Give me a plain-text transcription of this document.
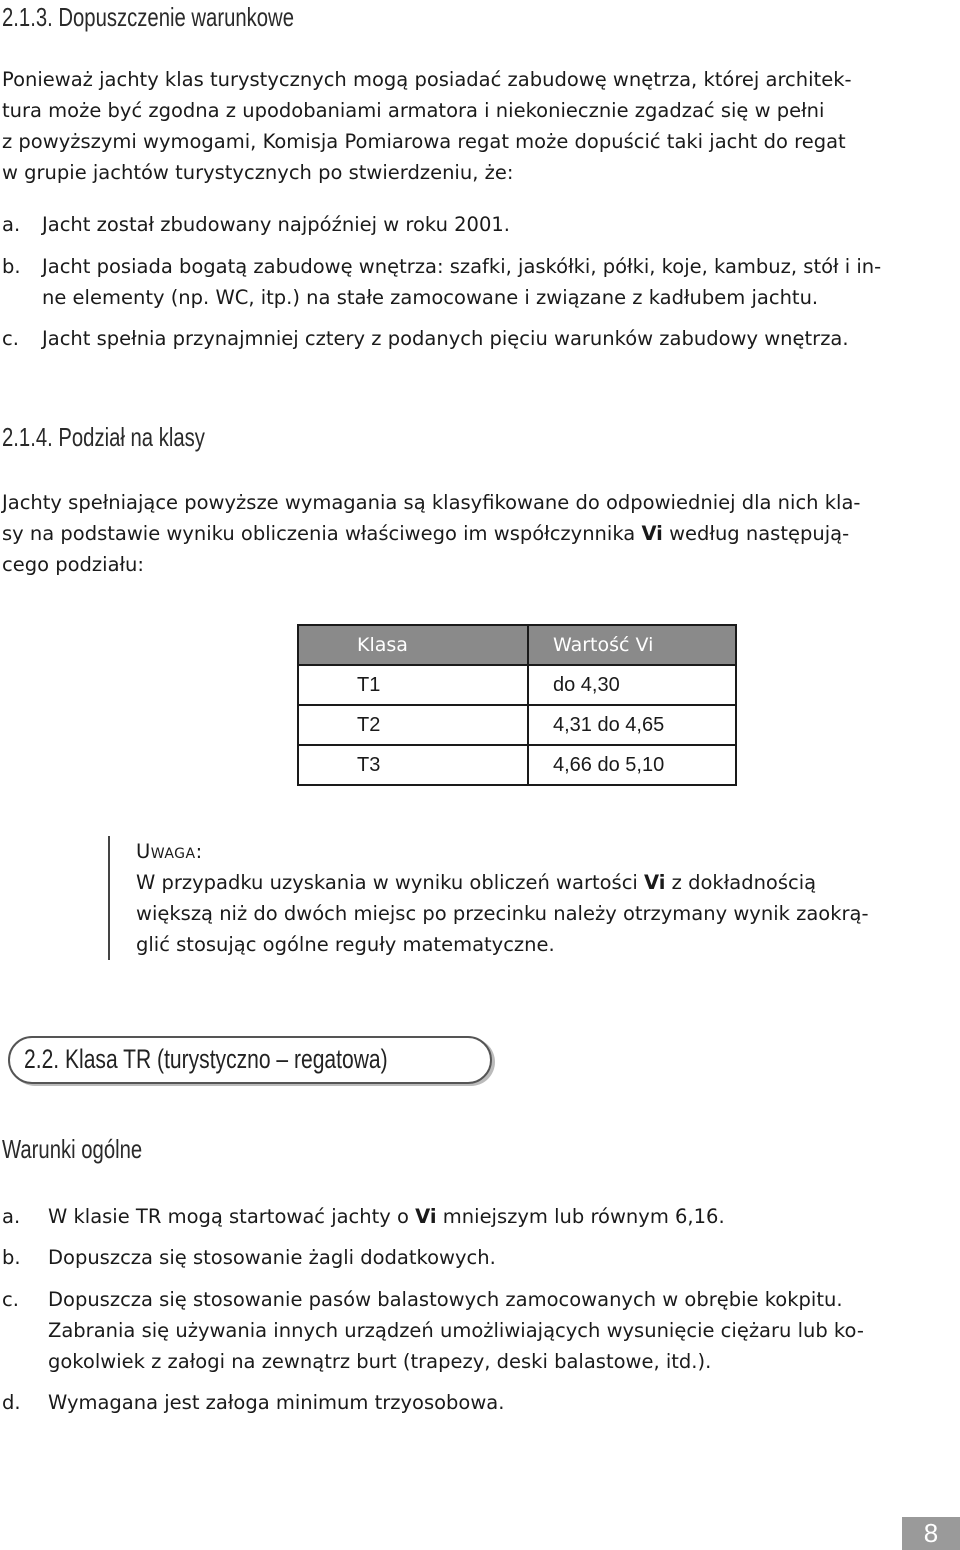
2.1.3. Dopuszczenie warunkowe
Ponieważ jachty klas turystycznych mogą posiadać zabudowę wnętrza, której architek-
tura może być zgodna z upodobaniami armatora i niekoniecznie zgadzać się w pełni
z powyższymi wymogami, Komisja Pomiarowa regat może dopuścić taki jacht do regat
w grupie jachtów turystycznych po stwierdzeniu, że:
a. Jacht został zbudowany najpóźniej w roku 2001.
b. Jacht posiada bogatą zabudowę wnętrza: szafki, jaskółki, półki, koje, kambuz, stół i in-
ne elementy (np. WC, itp.) na stałe zamocowane i związane z kadłubem jachtu.
c. Jacht spełnia przynajmniej cztery z podanych pięciu warunków zabudowy wnętrza.
2.1.4. Podział na klasy
Jachty spełniające powyższe wymagania są klasyfikowane do odpowiedniej dla nich kla-
sy na podstawie wyniku obliczenia właściwego im współczynnika Vi według następują-
cego podziału:
Klasa	Wartość Vi
T1	do 4,30
T2	4,31 do 4,65
T3	4,66 do 5,10
Uwaga:
W przypadku uzyskania w wyniku obliczeń wartości Vi z dokładnością
większą niż do dwóch miejsc po przecinku należy otrzymany wynik zaokrą-
glić stosując ogólne reguły matematyczne.
2.2. Klasa TR (turystyczno – regatowa)
Warunki ogólne
a. W klasie TR mogą startować jachty o Vi mniejszym lub równym 6,16.
b. Dopuszcza się stosowanie żagli dodatkowych.
c. Dopuszcza się stosowanie pasów balastowych zamocowanych w obrębie kokpitu.
Zabrania się używania innych urządzeń umożliwiających wysunięcie ciężaru lub ko-
gokolwiek z załogi na zewnątrz burt (trapezy, deski balastowe, itd.).
d. Wymagana jest załoga minimum trzyosobowa.
8
